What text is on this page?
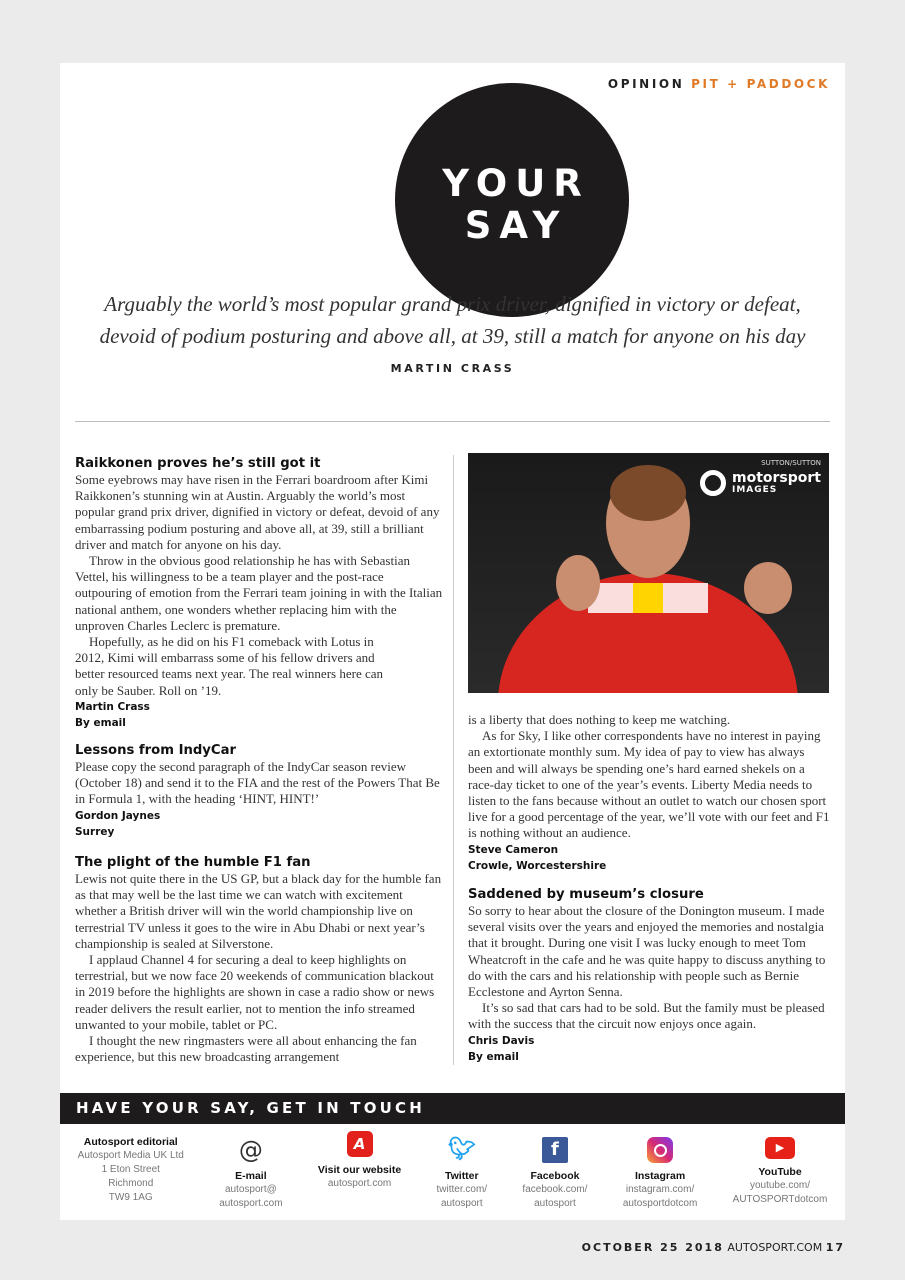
YOUR
SAY
HAVE YOUR SAY, GET IN TOUCH
Autosport editorial
Autosport Media UK Ltd
1 Eton Street
Richmond
TW9 1AG
@
E-mail
autosport@
autosport.com
A
Visit our website
autosport.com
🐦︎
Twitter
twitter.com/
autosport
f
Facebook
facebook.com/
autosport
Instagram
instagram.com/
autosportdotcom
▶
YouTube
youtube.com/
AUTOSPORTdotcom
OPINION PIT + PADDOCK
Arguably the world’s most popular grand prix driver, dignified in victory or defeat,
devoid of podium posturing and above all, at 39, still a match for anyone on his day
MARTIN CRASS
Raikkonen proves he’s still got it

Some eyebrows may have risen in the Ferrari boardroom after Kimi Raikkonen’s stunning win at Austin. Arguably the world’s most popular grand prix driver, dignified in victory or defeat, devoid of any embarrassing podium posturing and above all, at 39, still a brilliant driver and match for anyone on his day.

Throw in the obvious good relationship he has with Sebastian Vettel, his willingness to be a team player and the post-race outpouring of emotion from the Ferrari team joining in with the Italian national anthem, one wonders whether replacing him with the unproven Charles Leclerc is premature.

Hopefully, as he did on his F1 comeback with Lotus in 2012, Kimi will embarrass some of his fellow drivers and better resourced teams next year. The real winners here can only be Sauber. Roll on ’19.

Martin Crass
By email
Lessons from IndyCar

Please copy the second paragraph of the IndyCar season review (October 18) and send it to the FIA and the rest of the Powers That Be in Formula 1, with the heading ‘HINT, HINT!’

Gordon Jaynes
Surrey
The plight of the humble F1 fan

Lewis not quite there in the US GP, but a black day for the humble fan as that may well be the last time we can watch with excitement whether a British driver will win the world championship live on terrestrial TV unless it goes to the wire in Abu Dhabi or next year’s championship is sealed at Silverstone.

I applaud Channel 4 for securing a deal to keep highlights on terrestrial, but we now face 20 weekends of communication blackout in 2019 before the highlights are shown in case a radio show or news reader delivers the result earlier, not to mention the info streamed unwanted to your mobile, tablet or PC.

I thought the new ringmasters were all about enhancing the fan experience, but this new broadcasting arrangement

SUTTON/SUTTON
motorsport
IMAGES

is a liberty that does nothing to keep me watching.

As for Sky, I like other correspondents have no interest in paying an extortionate monthly sum. My idea of pay to view has always been and will always be spending one’s hard earned shekels on a race-day ticket to one of the year’s events. Liberty Media needs to listen to the fans because without an outlet to watch our chosen sport live for a good percentage of the year, we’ll vote with our feet and F1 is nothing without an audience.

Steve Cameron
Crowle, Worcestershire
Saddened by museum’s closure

So sorry to hear about the closure of the Donington museum. I made several visits over the years and enjoyed the memories and nostalgia that it brought. During one visit I was lucky enough to meet Tom Wheatcroft in the cafe and he was quite happy to discuss anything to do with the cars and his relationship with people such as Bernie Ecclestone and Ayrton Senna.

It’s so sad that cars had to be sold. But the family must be pleased with the success that the circuit now enjoys once again.

Chris Davis
By email
OCTOBER 25 2018 AUTOSPORT.COM 17
